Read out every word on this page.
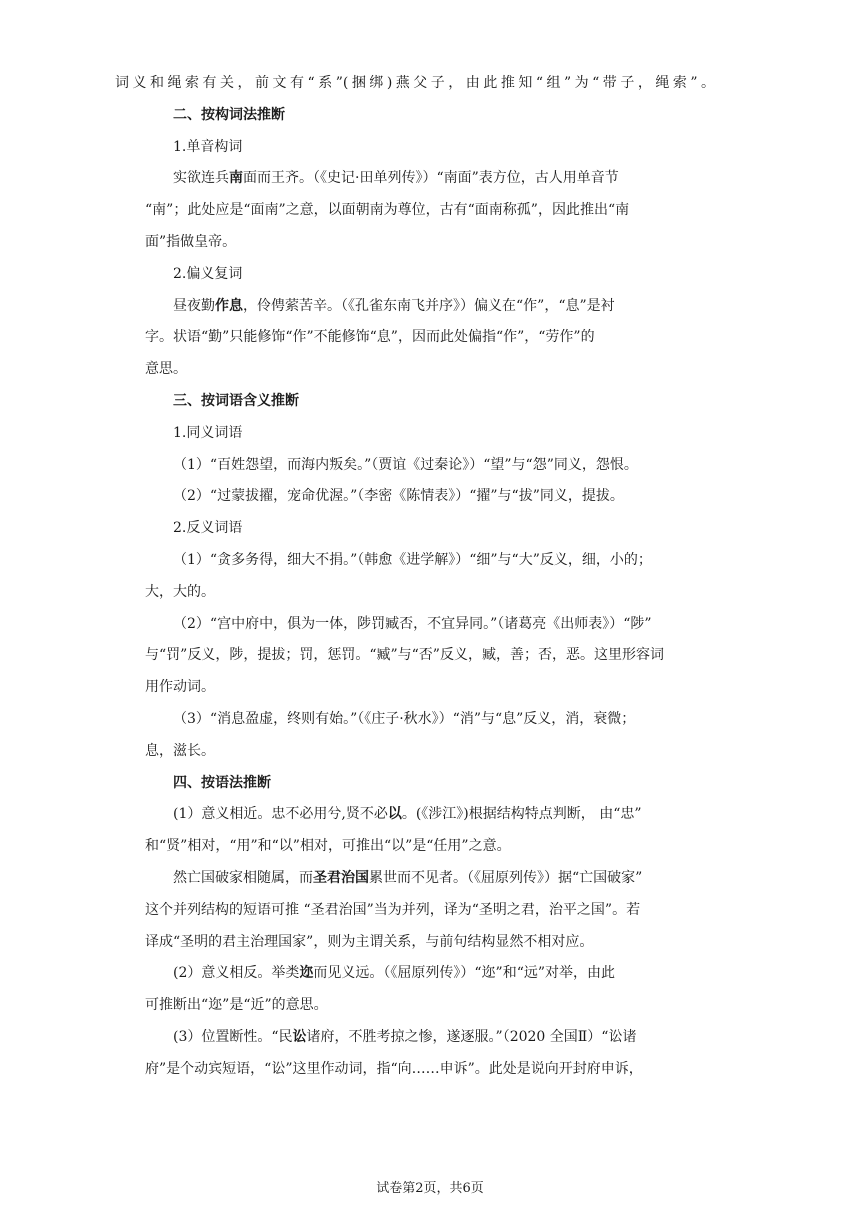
词义和绳索有关，前文有“系”(捆绑)燕父子，由此推知“组”为“带子，绳索”。
二、按构词法推断
1.单音构词
实欲连兵南面而王齐。（《史记·田单列传》）“南面”表方位，古人用单音节
“南”；此处应是“面南”之意，以面朝南为尊位，古有“面南称孤”，因此推出“南
面”指做皇帝。
2.偏义复词
昼夜勤作息，伶俜萦苦辛。（《孔雀东南飞并序》）偏义在“作”，“息”是衬
字。状语“勤”只能修饰“作”不能修饰“息”，因而此处偏指“作”，“劳作”的
意思。
三、按词语含义推断
1.同义词语
（1）“百姓怨望，而海内叛矣。”（贾谊《过秦论》）“望”与“怨”同义，怨恨。
（2）“过蒙拔擢，宠命优渥。”（李密《陈情表》）“擢”与“拔”同义，提拔。
2.反义词语
（1）“贪多务得，细大不捐。”（韩愈《进学解》）“细”与“大”反义，细，小的；
大，大的。
（2）“宫中府中，俱为一体，陟罚臧否，不宜异同。”（诸葛亮《出师表》）“陟”
与“罚”反义，陟，提拔；罚，惩罚。“臧”与“否”反义，臧，善；否，恶。这里形容词
用作动词。
（3）“消息盈虚，终则有始。”（《庄子·秋水》）“消”与“息”反义，消，衰微；
息，滋长。
四、按语法推断
(1）意义相近。忠不必用兮,贤不必以。(《涉江》)根据结构特点判断， 由“忠”
和“贤”相对，“用”和“以”相对，可推出“以”是“任用”之意。
然亡国破家相随属，而圣君治国累世而不见者。（《屈原列传》）据“亡国破家”
这个并列结构的短语可推 “圣君治国”当为并列，译为“圣明之君，治平之国”。若
译成“圣明的君主治理国家”，则为主谓关系，与前句结构显然不相对应。
(2）意义相反。举类迩而见义远。（《屈原列传》）“迩”和“远”对举，由此
可推断出“迩”是“近”的意思。
(3）位置断性。“民讼诸府，不胜考掠之惨，遂逐服。”（2020 全国Ⅱ）“讼诸
府”是个动宾短语，“讼”这里作动词，指“向……申诉”。此处是说向开封府申诉，
试卷第2页，共6页
